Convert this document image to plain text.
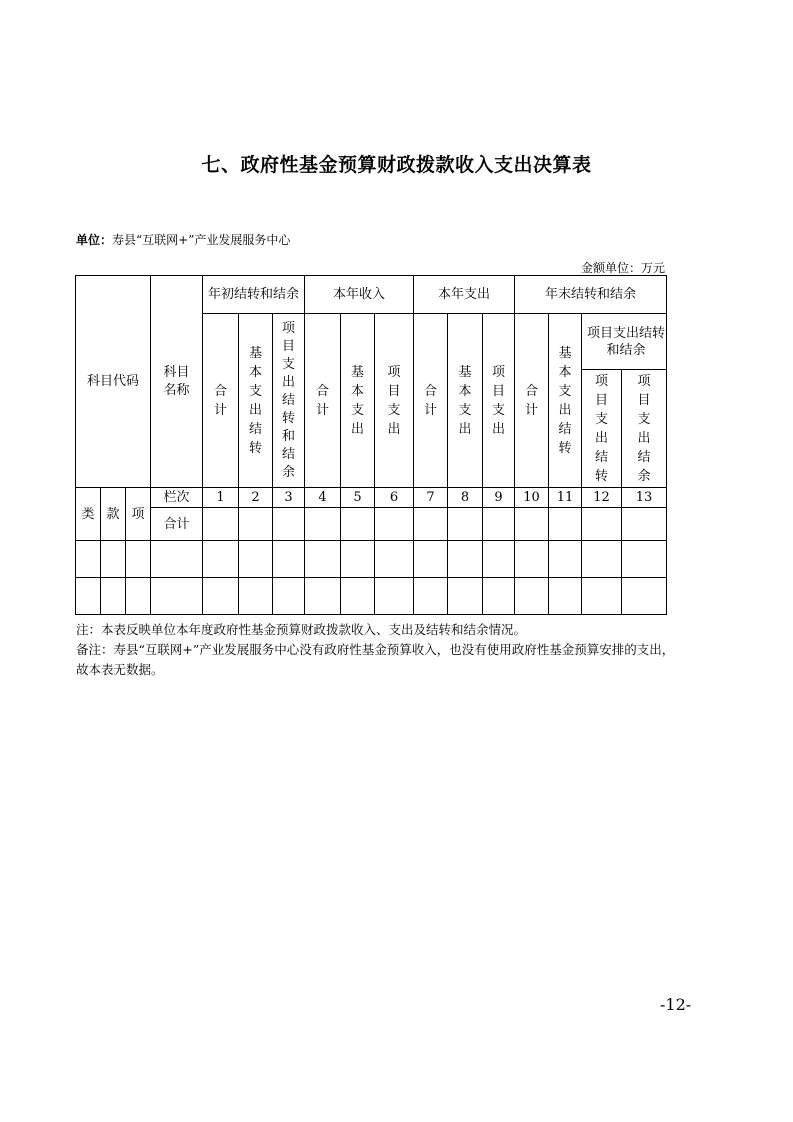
七、政府性基金预算财政拨款收入支出决算表
单位：寿县“互联网+”产业发展服务中心
金额单位：万元
科目代码			科目名称	年初结转和结余			本年收入			本年支出			年末结转和结余			
				合计	基本支出结转	项目支出结转和结余	合计	基本支出	项目支出	合计	基本支出	项目支出	合计	基本支出结转	项目支出结转和结余	
															项目支出结转	项目支出结余
类	款	项	栏次	1	2	3	4	5	6	7	8	9	10	11	12	13
			合计													

注：本表反映单位本年度政府性基金预算财政拨款收入、支出及结转和结余情况。

备注：寿县“互联网+”产业发展服务中心没有政府性基金预算收入，也没有使用政府性基金预算安排的支出，故本表无数据。

-12-
